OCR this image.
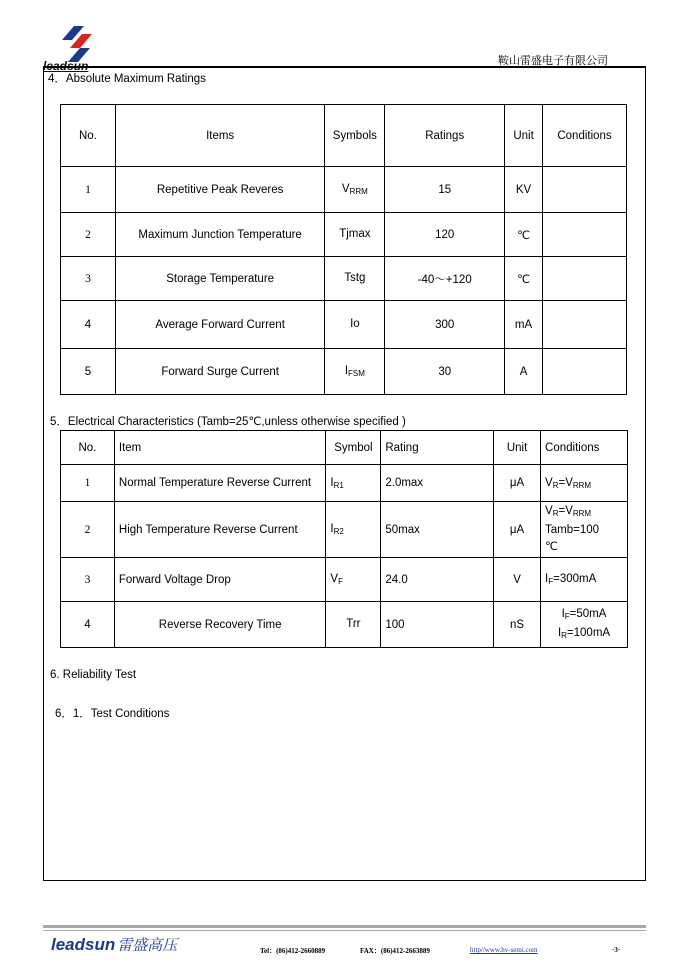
leadsun	鞍山雷盛电子有限公司
4．Absolute Maximum Ratings
No.	Items	Symbols	Ratings	Unit	Conditions
1	Repetitive Peak Reveres	$V_{RRM}$	15	KV	
2	Maximum Junction Temperature	Tjmax	120	℃	
3	Storage Temperature	Tstg	-40～+120	℃	
4	Average Forward Current	Io	300	mA	
5	Forward Surge Current	$I_{FSM}$	30	A	
5．Electrical Characteristics (Tamb=25℃,unless otherwise specified )
No.	Item	Symbol	Rating	Unit	Conditions
1	Normal Temperature Reverse Current	$I_{R1}$	2.0max	μA	$V_R=V_{RRM}$
2	High Temperature Reverse Current	$I_{R2}$	50max	μA	$V_R=V_{RRM}$
Tamb=100
℃
3	Forward Voltage Drop	$V_F$	24.0	V	$I_F=300mA$
4	Reverse Recovery Time	Trr	100	nS	$I_F=50mA$
$I_R=100mA$
6. Reliability Test
6．1．Test Conditions
leadsun 雷盛高压	Tel：(86)412-2660889	FAX：(86)412-2663889	http//www.hv-semi.com	·3·
